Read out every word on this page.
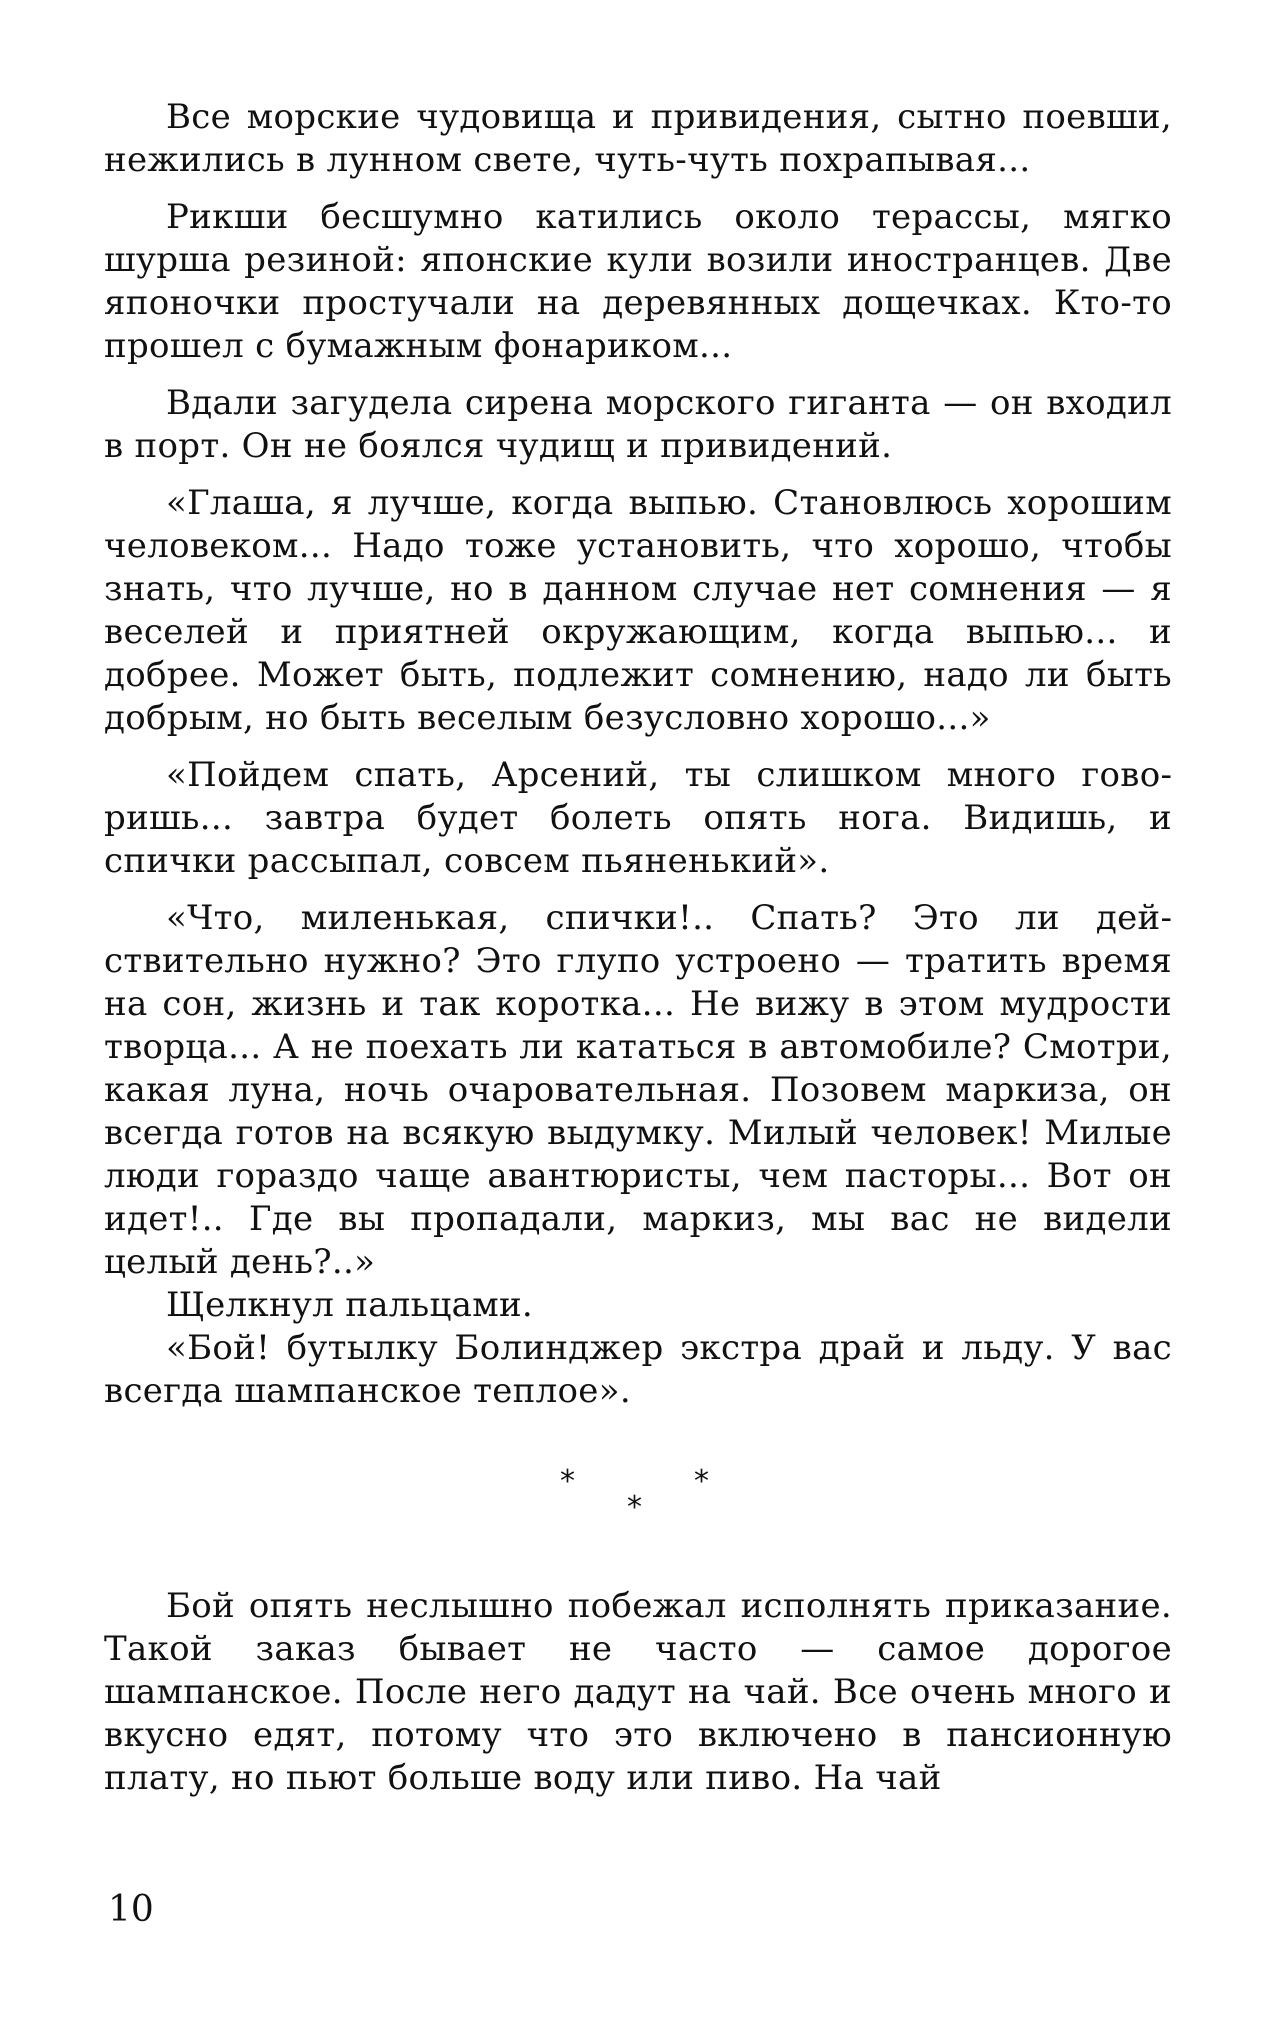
Все морские чудовища и привидения, сытно поевши, нежились в лунном свете, чуть-чуть похрапывая...

Рикши бесшумно катились около терассы, мягко шурша резиной: японские кули возили иностранцев. Две японочки простучали на деревянных дощечках. Кто-то прошел с бумажным фонариком...

Вдали загудела сирена морского гиганта — он входил в порт. Он не боялся чудищ и привидений.

«Глаша, я лучше, когда выпью. Становлюсь хорошим человеком... Надо тоже установить, что хорошо, чтобы знать, что лучше, но в данном случае нет сомнения — я веселей и приятней окружающим, когда выпью... и добрее. Может быть, подлежит сомнению, надо ли быть добрым, но быть веселым безусловно хорошо...»

«Пойдем спать, Арсений, ты слишком много говоришь... завтра будет болеть опять нога. Видишь, и спички рассыпал, совсем пьяненький».

«Что, миленькая, спички!.. Спать? Это ли действительно нужно? Это глупо устроено — тратить время на сон, жизнь и так коротка... Не вижу в этом мудрости творца... А не поехать ли кататься в автомобиле? Смотри, какая луна, ночь очаровательная. Позовем маркиза, он всегда готов на всякую выдумку. Милый человек! Милые люди гораздо чаще авантюристы, чем пасторы... Вот он идет!.. Где вы пропадали, маркиз, мы вас не видели целый день?..»

Щелкнул пальцами.

«Бой! бутылку Болинджер экстра драй и льду. У вас всегда шампанское теплое».

*	*
*

Бой опять неслышно побежал исполнять приказание. Такой заказ бывает не часто — самое дорогое шампанское. После него дадут на чай. Все очень много и вкусно едят, потому что это включено в пансионную плату, но пьют больше воду или пиво. На чай

10
